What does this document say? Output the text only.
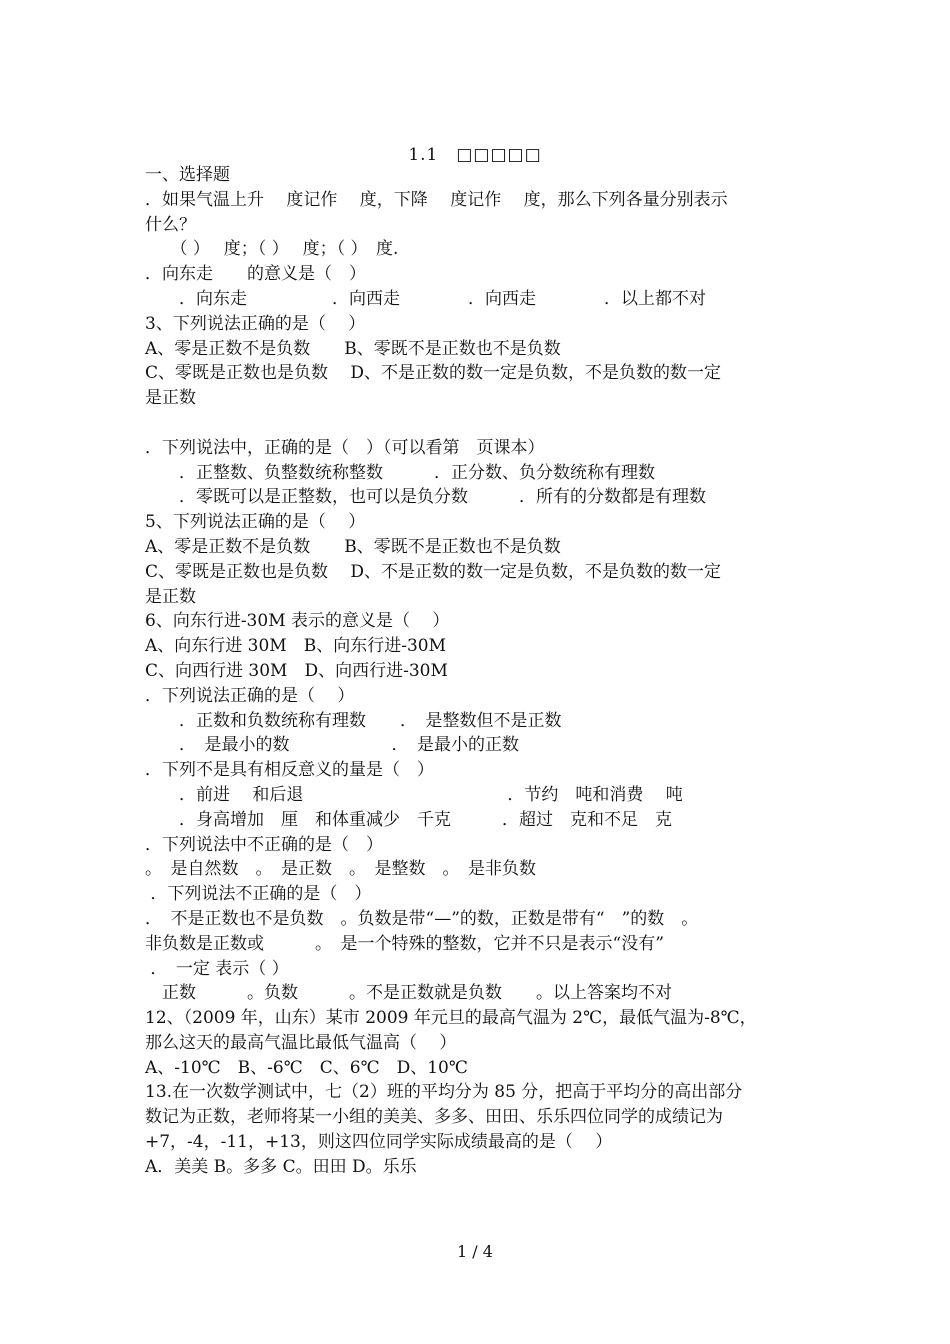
1.1　□□□□□
一、选择题
．如果气温上升　 度记作　 度，下降　 度记作　 度，那么下列各量分别表示
什么？
　　（ ）　 度；（ ）　 度；（ ）　度.
．向东走　　的意义是（　）
　　．向东走　　　　　．向西走　　　　．向西走　　　　．以上都不对
3、下列说法正确的是（　 ）
A、零是正数不是负数　　B、零既不是正数也不是负数
C、零既是正数也是负数　 D、不是正数的数一定是负数，不是负数的数一定
是正数
．下列说法中，正确的是（　）（可以看第　页课本）
　　．正整数、负整数统称整数　　　．正分数、负分数统称有理数
　　．零既可以是正整数，也可以是负分数　　　．所有的分数都是有理数
5、下列说法正确的是（　 ）
A、零是正数不是负数　　B、零既不是正数也不是负数
C、零既是正数也是负数　 D、不是正数的数一定是负数，不是负数的数一定
是正数
6、向东行进-30M 表示的意义是（　 ）
A、向东行进 30M　B、向东行进-30M
C、向西行进 30M　D、向西行进-30M
．下列说法正确的是（　 ）
　　．正数和负数统称有理数　　．　是整数但不是正数
　　．　是最小的数　　　　　　．　是最小的正数
．下列不是具有相反意义的量是（　）
　　．前进　 和后退　　　　　　　　　　　　．节约　吨和消费　 吨
　　．身高增加　厘　和体重减少　千克　　　．超过　克和不足　克
．下列说法中不正确的是（　）
。　是自然数　。　是正数　。　是整数　。　是非负数
．下列说法不正确的是（　）
．　不是正数也不是负数　。负数是带“—”的数，正数是带有“　”的数　。
非负数是正数或　　　。　是一个特殊的整数，它并不只是表示“没有”
．　一定 表示（ ）
　正数　　　。负数　　　。不是正数就是负数　　。以上答案均不对
12、（2009 年，山东）某市 2009 年元旦的最高气温为 2℃，最低气温为-8℃，
那么这天的最高气温比最低气温高（　 ）
A、-10℃　B、-6℃　C、6℃　D、10℃
13.在一次数学测试中，七（2）班的平均分为 85 分，把高于平均分的高出部分
数记为正数，老师将某一小组的美美、多多、田田、乐乐四位同学的成绩记为
+7，-4，-11，+13，则这四位同学实际成绩最高的是（　 ）
A．美美 B。多多 C。田田 D。乐乐
1 / 4
